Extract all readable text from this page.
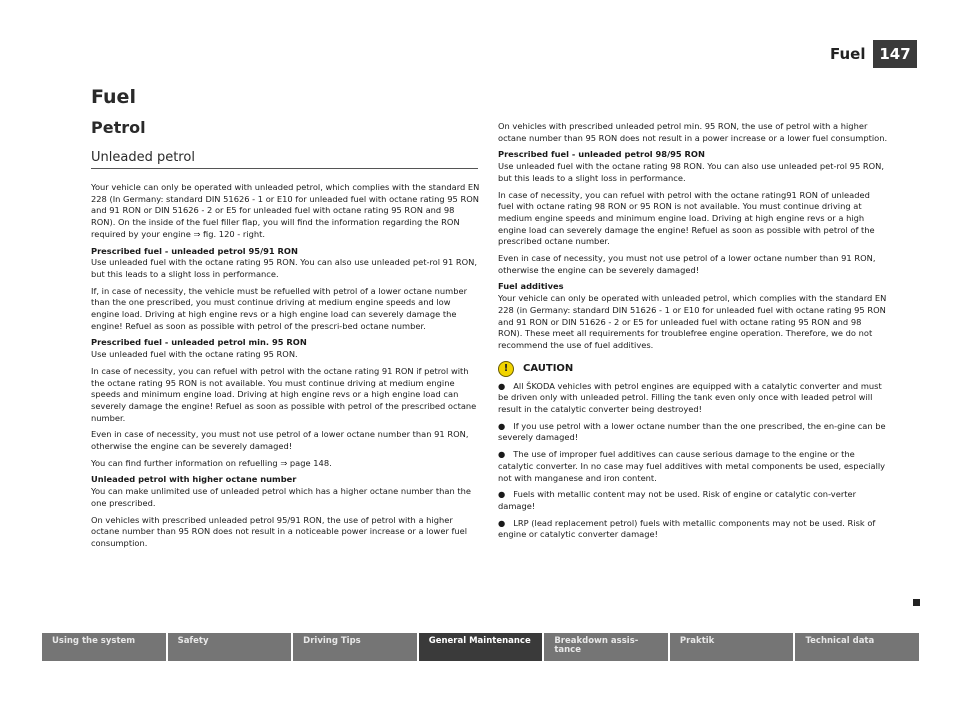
Fuel 147
Fuel
Petrol
Unleaded petrol

Your vehicle can only be operated with unleaded petrol, which complies with the standard EN 228 (In Germany: standard DIN 51626 - 1 or E10 for unleaded fuel with octane rating 95 RON and 91 RON or DIN 51626 - 2 or E5 for unleaded fuel with octane rating 95 RON and 98 RON). On the inside of the fuel filler flap, you will find the information regarding the RON required by your engine ⇒ fig. 120 - right.

Prescribed fuel - unleaded petrol 95/91 RON

Use unleaded fuel with the octane rating 95 RON. You can also use unleaded pet-rol 91 RON, but this leads to a slight loss in performance.

If, in case of necessity, the vehicle must be refuelled with petrol of a lower octane number than the one prescribed, you must continue driving at medium engine speeds and low engine load. Driving at high engine revs or a high engine load can severely damage the engine! Refuel as soon as possible with petrol of the prescri-bed octane number.

Prescribed fuel - unleaded petrol min. 95 RON

Use unleaded fuel with the octane rating 95 RON.

In case of necessity, you can refuel with petrol with the octane rating 91 RON if petrol with the octane rating 95 RON is not available. You must continue driving at medium engine speeds and minimum engine load. Driving at high engine revs or a high engine load can severely damage the engine! Refuel as soon as possible with petrol of the prescribed octane number.

Even in case of necessity, you must not use petrol of a lower octane number than 91 RON, otherwise the engine can be severely damaged!

You can find further information on refuelling ⇒ page 148.

Unleaded petrol with higher octane number

You can make unlimited use of unleaded petrol which has a higher octane number than the one prescribed.

On vehicles with prescribed unleaded petrol 95/91 RON, the use of petrol with a higher octane number than 95 RON does not result in a noticeable power increase or a lower fuel consumption.

On vehicles with prescribed unleaded petrol min. 95 RON, the use of petrol with a higher octane number than 95 RON does not result in a power increase or a lower fuel consumption.

Prescribed fuel - unleaded petrol 98/95 RON

Use unleaded fuel with the octane rating 98 RON. You can also use unleaded pet-rol 95 RON, but this leads to a slight loss in performance.

In case of necessity, you can refuel with petrol with the octane rating91 RON of unleaded fuel with octane rating 98 RON or 95 RON is not available. You must continue driving at medium engine speeds and minimum engine load. Driving at high engine revs or a high engine load can severely damage the engine! Refuel as soon as possible with petrol of the prescribed octane number.

Even in case of necessity, you must not use petrol of a lower octane number than 91 RON, otherwise the engine can be severely damaged!

Fuel additives

Your vehicle can only be operated with unleaded petrol, which complies with the standard EN 228 (in Germany: standard DIN 51626 - 1 or E10 for unleaded fuel with octane rating 95 RON and 91 RON or DIN 51626 - 2 or E5 for unleaded fuel with octane rating 95 RON and 98 RON). These meet all requirements for troublefree engine operation. Therefore, we do not recommend the use of fuel additives.

!	CAUTION

● All ŠKODA vehicles with petrol engines are equipped with a catalytic converter and must be driven only with unleaded petrol. Filling the tank even only once with leaded petrol will result in the catalytic converter being destroyed!

● If you use petrol with a lower octane number than the one prescribed, the en-gine can be severely damaged!

● The use of improper fuel additives can cause serious damage to the engine or the catalytic converter. In no case may fuel additives with metal components be used, especially not with manganese and iron content.

● Fuels with metallic content may not be used. Risk of engine or catalytic con-verter damage!

● LRP (lead replacement petrol) fuels with metallic components may not be used. Risk of engine or catalytic converter damage!

Using the system	Safety	Driving Tips	General Maintenance	Breakdown assis-tance
Praktik	Technical data
